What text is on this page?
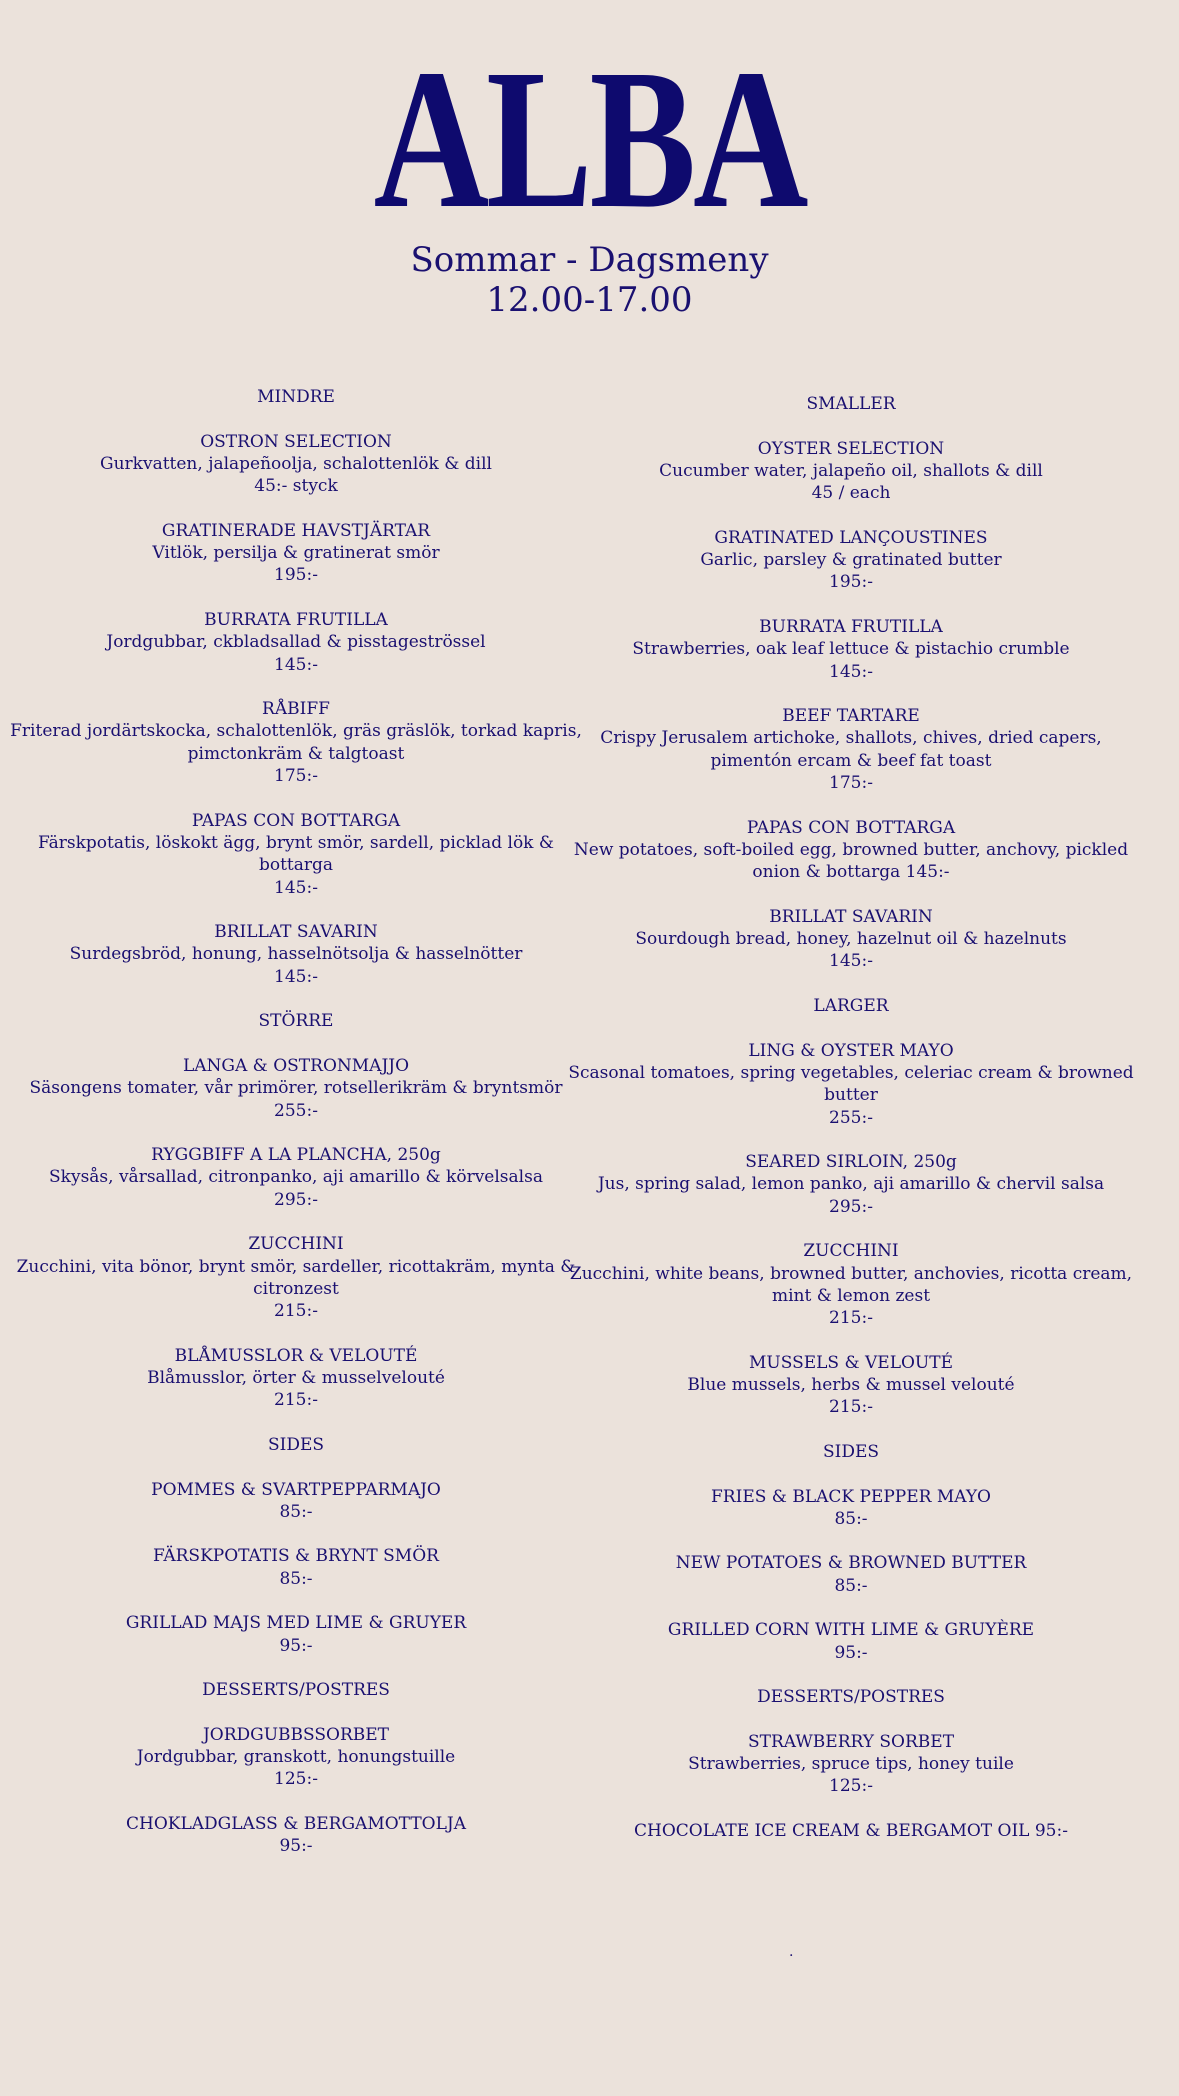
ALBA
Sommar - Dagsmeny
12.00-17.00
MINDRE
OSTRON SELECTION
Gurkvatten, jalapeñoolja, schalottenlök & dill
45:- styck
GRATINERADE HAVSTJÄRTAR
Vitlök, persilja & gratinerat smör
195:-
BURRATA FRUTILLA
Jordgubbar, ckbladsallad & pisstageströssel
145:-
RÅBIFF
Friterad jordärtskocka, schalottenlök, gräs gräslök, torkad kapris,
pimctonkräm & talgtoast
175:-
PAPAS CON BOTTARGA
Färskpotatis, löskokt ägg, brynt smör, sardell, picklad lök &
bottarga
145:-
BRILLAT SAVARIN
Surdegsbröd, honung, hasselnötsolja & hasselnötter
145:-
STÖRRE
LANGA & OSTRONMAJJO
Säsongens tomater, vår primörer, rotsellerikräm & bryntsmör
255:-
RYGGBIFF A LA PLANCHA, 250g
Skysås, vårsallad, citronpanko, aji amarillo & körvelsalsa
295:-
ZUCCHINI
Zucchini, vita bönor, brynt smör, sardeller, ricottakräm, mynta &
citronzest
215:-
BLÅMUSSLOR & VELOUTÉ
Blåmusslor, örter & musselvelouté
215:-
SIDES
POMMES & SVARTPEPPARMAJO
85:-
FÄRSKPOTATIS & BRYNT SMÖR
85:-
GRILLAD MAJS MED LIME & GRUYER
95:-
DESSERTS/POSTRES
JORDGUBBSSORBET
Jordgubbar, granskott, honungstuille
125:-
CHOKLADGLASS & BERGAMOTTOLJA
95:-
SMALLER
OYSTER SELECTION
Cucumber water, jalapeño oil, shallots & dill
45 / each
GRATINATED LANÇOUSTINES
Garlic, parsley & gratinated butter
195:-
BURRATA FRUTILLA
Strawberries, oak leaf lettuce & pistachio crumble
145:-
BEEF TARTARE
Crispy Jerusalem artichoke, shallots, chives, dried capers,
pimentón ercam & beef fat toast
175:-
PAPAS CON BOTTARGA
New potatoes, soft-boiled egg, browned butter, anchovy, pickled
onion & bottarga 145:-
BRILLAT SAVARIN
Sourdough bread, honey, hazelnut oil & hazelnuts
145:-
LARGER
LING & OYSTER MAYO
Scasonal tomatoes, spring vegetables, celeriac cream & browned
butter
255:-
SEARED SIRLOIN, 250g
Jus, spring salad, lemon panko, aji amarillo & chervil salsa
295:-
ZUCCHINI
Zucchini, white beans, browned butter, anchovies, ricotta cream,
mint & lemon zest
215:-
MUSSELS & VELOUTÉ
Blue mussels, herbs & mussel velouté
215:-
SIDES
FRIES & BLACK PEPPER MAYO
85:-
NEW POTATOES & BROWNED BUTTER
85:-
GRILLED CORN WITH LIME & GRUYÈRE
95:-
DESSERTS/POSTRES
STRAWBERRY SORBET
Strawberries, spruce tips, honey tuile
125:-
CHOCOLATE ICE CREAM & BERGAMOT OIL 95:-
.
